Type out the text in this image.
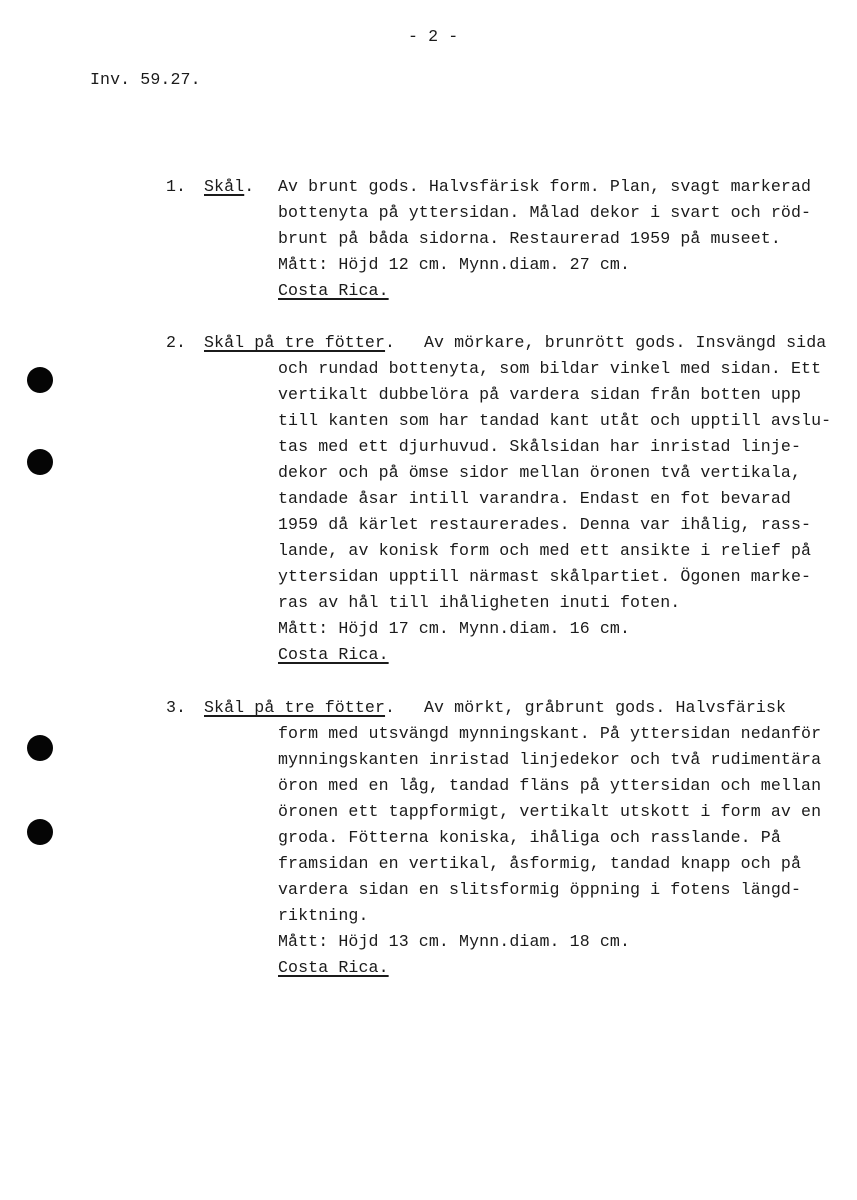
- 2 -
Inv. 59.27.
1. Skål. Av brunt gods. Halvsfärisk form. Plan, svagt markerad
bottenyta på yttersidan. Målad dekor i svart och röd-
brunt på båda sidorna. Restaurerad 1959 på museet.
Mått: Höjd 12 cm. Mynn.diam. 27 cm.
Costa Rica.
2. Skål på tre fötter. Av mörkare, brunrött gods. Insvängd sida
och rundad bottenyta, som bildar vinkel med sidan. Ett
vertikalt dubbelöra på vardera sidan från botten upp
till kanten som har tandad kant utåt och upptill avslu-
tas med ett djurhuvud. Skålsidan har inristad linje-
dekor och på ömse sidor mellan öronen två vertikala,
tandade åsar intill varandra. Endast en fot bevarad
1959 då kärlet restaurerades. Denna var ihålig, rass-
lande, av konisk form och med ett ansikte i relief på
yttersidan upptill närmast skålpartiet. Ögonen marke-
ras av hål till ihåligheten inuti foten.
Mått: Höjd 17 cm. Mynn.diam. 16 cm.
Costa Rica.
3. Skål på tre fötter. Av mörkt, gråbrunt gods. Halvsfärisk
form med utsvängd mynningskant. På yttersidan nedanför
mynningskanten inristad linjedekor och två rudimentära
öron med en låg, tandad fläns på yttersidan och mellan
öronen ett tappformigt, vertikalt utskott i form av en
groda. Fötterna koniska, ihåliga och rasslande. På
framsidan en vertikal, åsformig, tandad knapp och på
vardera sidan en slitsformig öppning i fotens längd-
riktning.
Mått: Höjd 13 cm. Mynn.diam. 18 cm.
Costa Rica.
